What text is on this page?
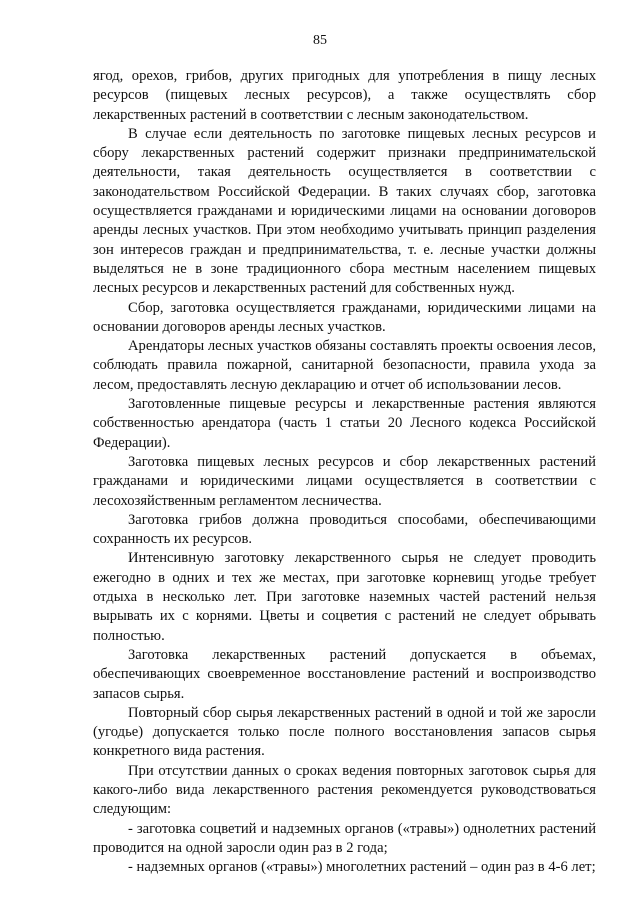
85

ягод, орехов, грибов, других пригодных для употребления в пищу лесных ресурсов (пищевых лесных ресурсов), а также осуществлять сбор лекарственных растений в соответствии с лесным законодательством.

В случае если деятельность по заготовке пищевых лесных ресурсов и сбору лекарственных растений содержит признаки предпринимательской деятельности, такая деятельность осуществляется в соответствии с законодательством Российской Федерации. В таких случаях сбор, заготовка осуществляется гражданами и юридическими лицами на основании договоров аренды лесных участков. При этом необходимо учитывать принцип разделения зон интересов граждан и предпринимательства, т. е. лесные участки должны выделяться не в зоне традиционного сбора местным населением пищевых лесных ресурсов и лекарственных растений для собственных нужд.

Сбор, заготовка осуществляется гражданами, юридическими лицами на основании договоров аренды лесных участков.

Арендаторы лесных участков обязаны составлять проекты освоения лесов, соблюдать правила пожарной, санитарной безопасности, правила ухода за лесом, предоставлять лесную декларацию и отчет об использовании лесов.

Заготовленные пищевые ресурсы и лекарственные растения являются собственностью арендатора (часть 1 статьи 20 Лесного кодекса Российской Федерации).

Заготовка пищевых лесных ресурсов и сбор лекарственных растений гражданами и юридическими лицами осуществляется в соответствии с лесохозяйственным регламентом лесничества.

Заготовка грибов должна проводиться способами, обеспечивающими сохранность их ресурсов.

Интенсивную заготовку лекарственного сырья не следует проводить ежегодно в одних и тех же местах, при заготовке корневищ угодье требует отдыха в несколько лет. При заготовке наземных частей растений нельзя вырывать их с корнями. Цветы и соцветия с растений не следует обрывать полностью.

Заготовка лекарственных растений допускается в объемах, обеспечивающих своевременное восстановление растений и воспроизводство запасов сырья.

Повторный сбор сырья лекарственных растений в одной и той же заросли (угодье) допускается только после полного восстановления запасов сырья конкретного вида растения.

При отсутствии данных о сроках ведения повторных заготовок сырья для какого-либо вида лекарственного растения рекомендуется руководствоваться следующим:

- заготовка соцветий и надземных органов («травы») однолетних растений проводится на одной заросли один раз в 2 года;

- надземных органов («травы») многолетних растений – один раз в 4-6 лет;
